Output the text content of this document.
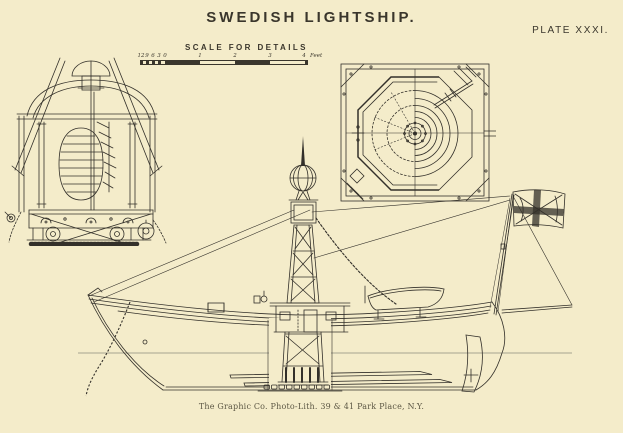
SWEDISH LIGHTSHIP.
PLATE XXXI.
SCALE FOR DETAILS
12 9 6 3 0	1	2	3	4 Feet
The Graphic Co. Photo-Lith. 39 & 41 Park Place, N.Y.
